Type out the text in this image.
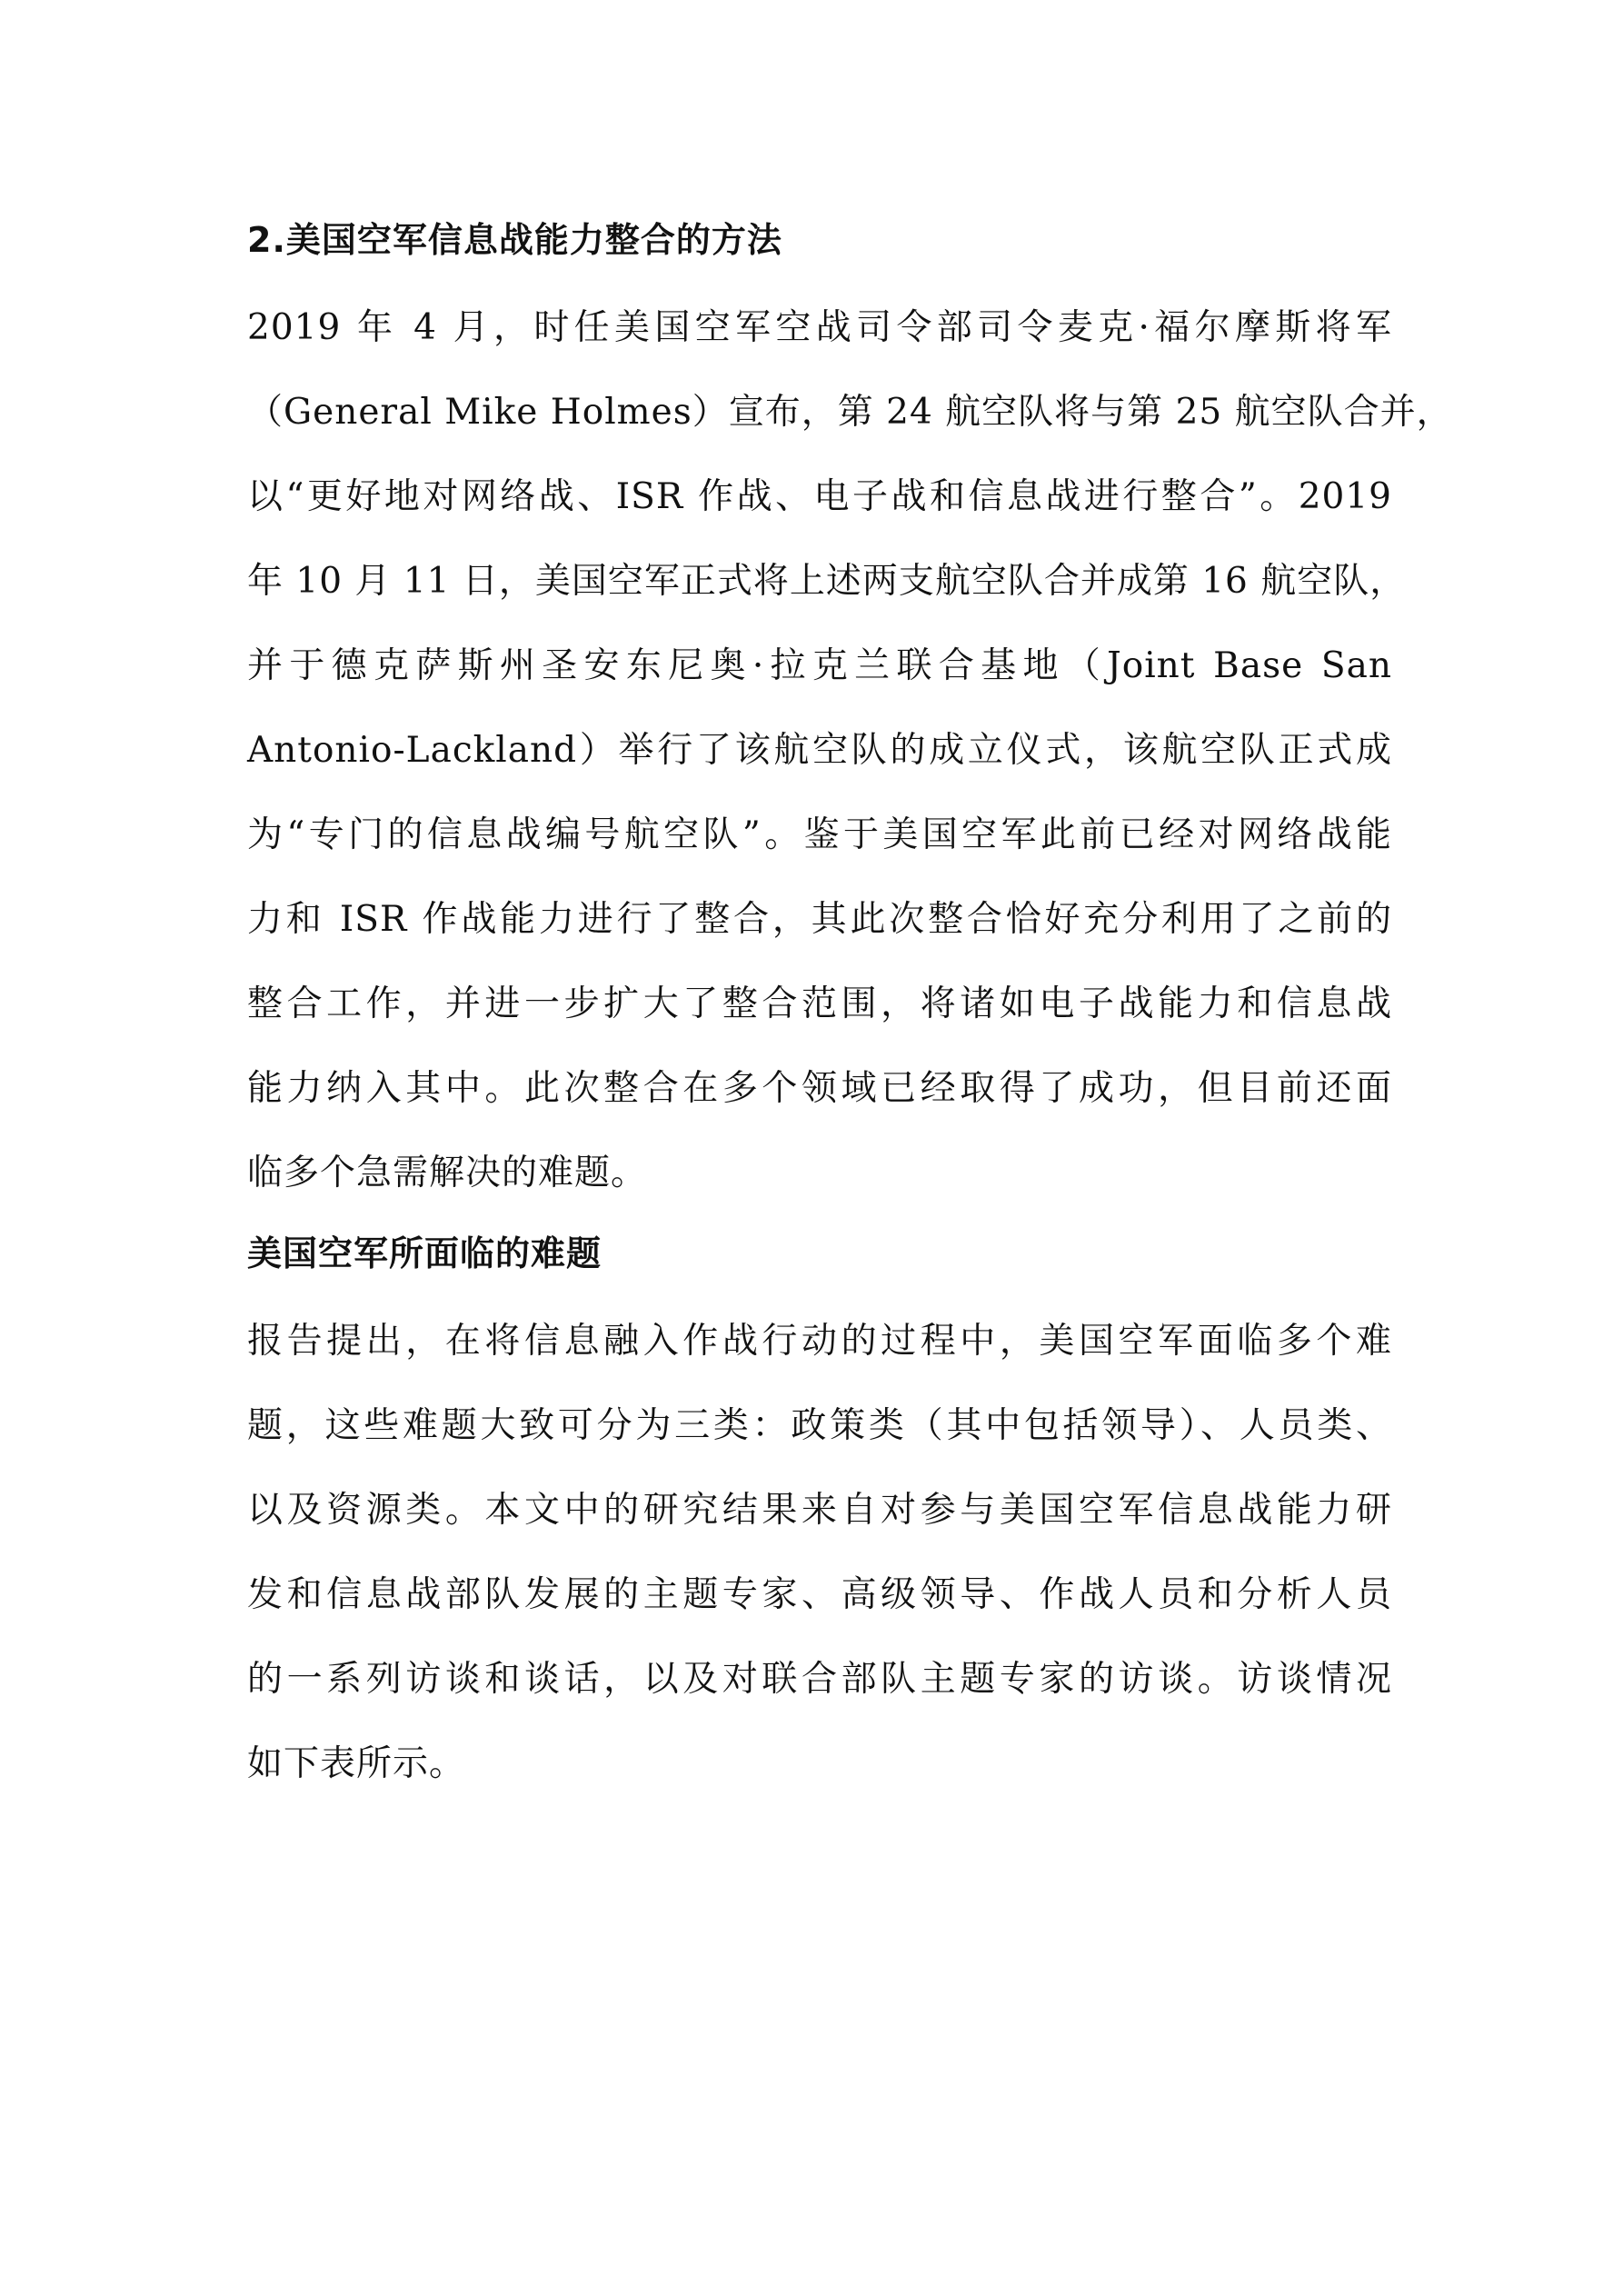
2.美国空军信息战能力整合的方法
2019 年 4 月，时任美国空军空战司令部司令麦克·福尔摩斯将军
（General Mike Holmes）宣布，第 24 航空队将与第 25 航空队合并，
以“更好地对网络战、ISR 作战、电子战和信息战进行整合”。2019
年 10 月 11 日，美国空军正式将上述两支航空队合并成第 16 航空队，
并于德克萨斯州圣安东尼奥·拉克兰联合基地（Joint Base San
Antonio-Lackland）举行了该航空队的成立仪式，该航空队正式成
为“专门的信息战编号航空队”。鉴于美国空军此前已经对网络战能
力和 ISR 作战能力进行了整合，其此次整合恰好充分利用了之前的
整合工作，并进一步扩大了整合范围，将诸如电子战能力和信息战
能力纳入其中。此次整合在多个领域已经取得了成功，但目前还面
临多个急需解决的难题。
美国空军所面临的难题
报告提出，在将信息融入作战行动的过程中，美国空军面临多个难
题，这些难题大致可分为三类：政策类（其中包括领导）、人员类、
以及资源类。本文中的研究结果来自对参与美国空军信息战能力研
发和信息战部队发展的主题专家、高级领导、作战人员和分析人员
的一系列访谈和谈话，以及对联合部队主题专家的访谈。访谈情况
如下表所示。
